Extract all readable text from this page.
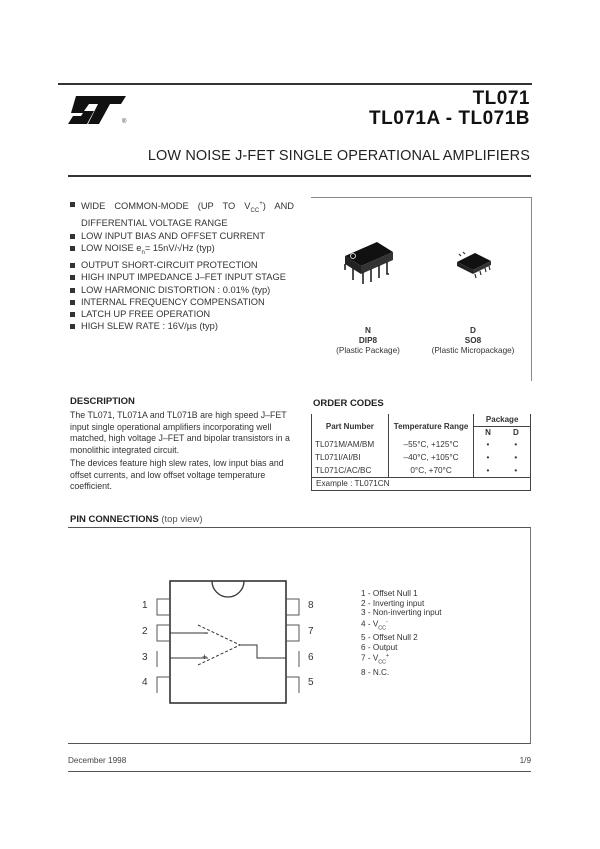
®
TL071
TL071A - TL071B
LOW NOISE J-FET SINGLE OPERATIONAL AMPLIFIERS
WIDE COMMON-MODE (UP TO $V_{CC}^+$) AND DIFFERENTIAL VOLTAGE RANGE
LOW INPUT BIAS AND OFFSET CURRENT
LOW NOISE $e_n= 15nV/√Hz$ (typ)
OUTPUT SHORT-CIRCUIT PROTECTION
HIGH INPUT IMPEDANCE J–FET INPUT STAGE
LOW HARMONIC DISTORTION : 0.01% (typ)
INTERNAL FREQUENCY COMPENSATION
LATCH UP FREE OPERATION
HIGH SLEW RATE : 16V/µs (typ)	N
DIP8
(Plastic Package)
D
SO8
(Plastic Micropackage)
DESCRIPTION

The TL071, TL071A and TL071B are high speed J–FET input single operational amplifiers incorporating well matched, high voltage J–FET and bipolar transistors in a monolithic integrated circuit.

The devices feature high slew rates, low input bias and offset currents, and low offset voltage temperature coefficient.

ORDER CODES
Part Number	Temperature Range	Package	
		N	D
TL071M/AM/BM	–55°C, +125°C	•	•
TL071I/AI/BI	–40°C, +105°C	•	•
TL071C/AC/BC	0°C, +70°C	•	•
Example : TL071CN			
PIN CONNECTIONS (top view)
-
+
1
2
3
4
8
7
6
5
1 - Offset Null 1
2 - Inverting input
3 - Non-inverting input
$4 - V_{CC}^-$
5 - Offset Null 2
6 - Output
$7 - V_{CC}^+$
8 - N.C.
December 1998	1/9
